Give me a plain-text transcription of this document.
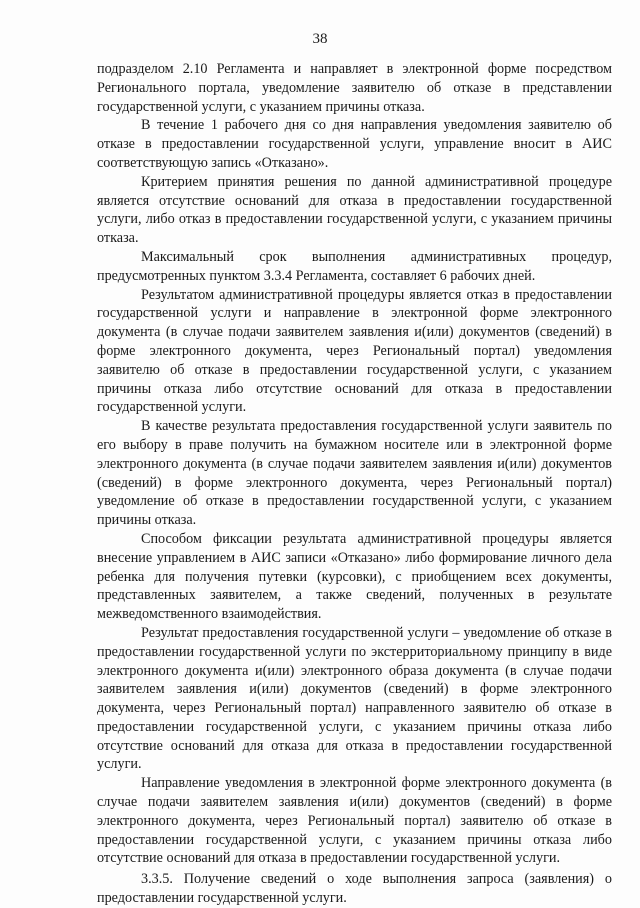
38

подразделом 2.10 Регламента и направляет в электронной форме посредством Регионального портала, уведомление заявителю об отказе в представлении государственной услуги, с указанием причины отказа.

В течение 1 рабочего дня со дня направления уведомления заявителю об отказе в предоставлении государственной услуги, управление вносит в АИС соответствующую запись «Отказано».

Критерием принятия решения по данной административной процедуре является отсутствие оснований для отказа в предоставлении государственной услуги, либо отказ в предоставлении государственной услуги, с указанием причины отказа.

Максимальный срок выполнения административных процедур, предусмотренных пунктом 3.3.4 Регламента, составляет 6 рабочих дней.

Результатом административной процедуры является отказ в предоставлении государственной услуги и направление в электронной форме электронного документа (в случае подачи заявителем заявления и(или) документов (сведений) в форме электронного документа, через Региональный портал) уведомления заявителю об отказе в предоставлении государственной услуги, с указанием причины отказа либо отсутствие оснований для отказа в предоставлении государственной услуги.

В качестве результата предоставления государственной услуги заявитель по его выбору в праве получить на бумажном носителе или в электронной форме электронного документа (в случае подачи заявителем заявления и(или) документов (сведений) в форме электронного документа, через Региональный портал) уведомление об отказе в предоставлении государственной услуги, с указанием причины отказа.

Способом фиксации результата административной процедуры является внесение управлением в АИС записи «Отказано» либо формирование личного дела ребенка для получения путевки (курсовки), с приобщением всех документы, представленных заявителем, а также сведений, полученных в результате межведомственного взаимодействия.

Результат предоставления государственной услуги – уведомление об отказе в предоставлении государственной услуги по экстерриториальному принципу в виде электронного документа и(или) электронного образа документа (в случае подачи заявителем заявления и(или) документов (сведений) в форме электронного документа, через Региональный портал) направленного заявителю об отказе в предоставлении государственной услуги, с указанием причины отказа либо отсутствие оснований для отказа для отказа в предоставлении государственной услуги.

Направление уведомления в электронной форме электронного документа (в случае подачи заявителем заявления и(или) документов (сведений) в форме электронного документа, через Региональный портал) заявителю об отказе в предоставлении государственной услуги, с указанием причины отказа либо отсутствие оснований для отказа в предоставлении государственной услуги.

3.3.5. Получение сведений о ходе выполнения запроса (заявления) о предоставлении государственной услуги.
